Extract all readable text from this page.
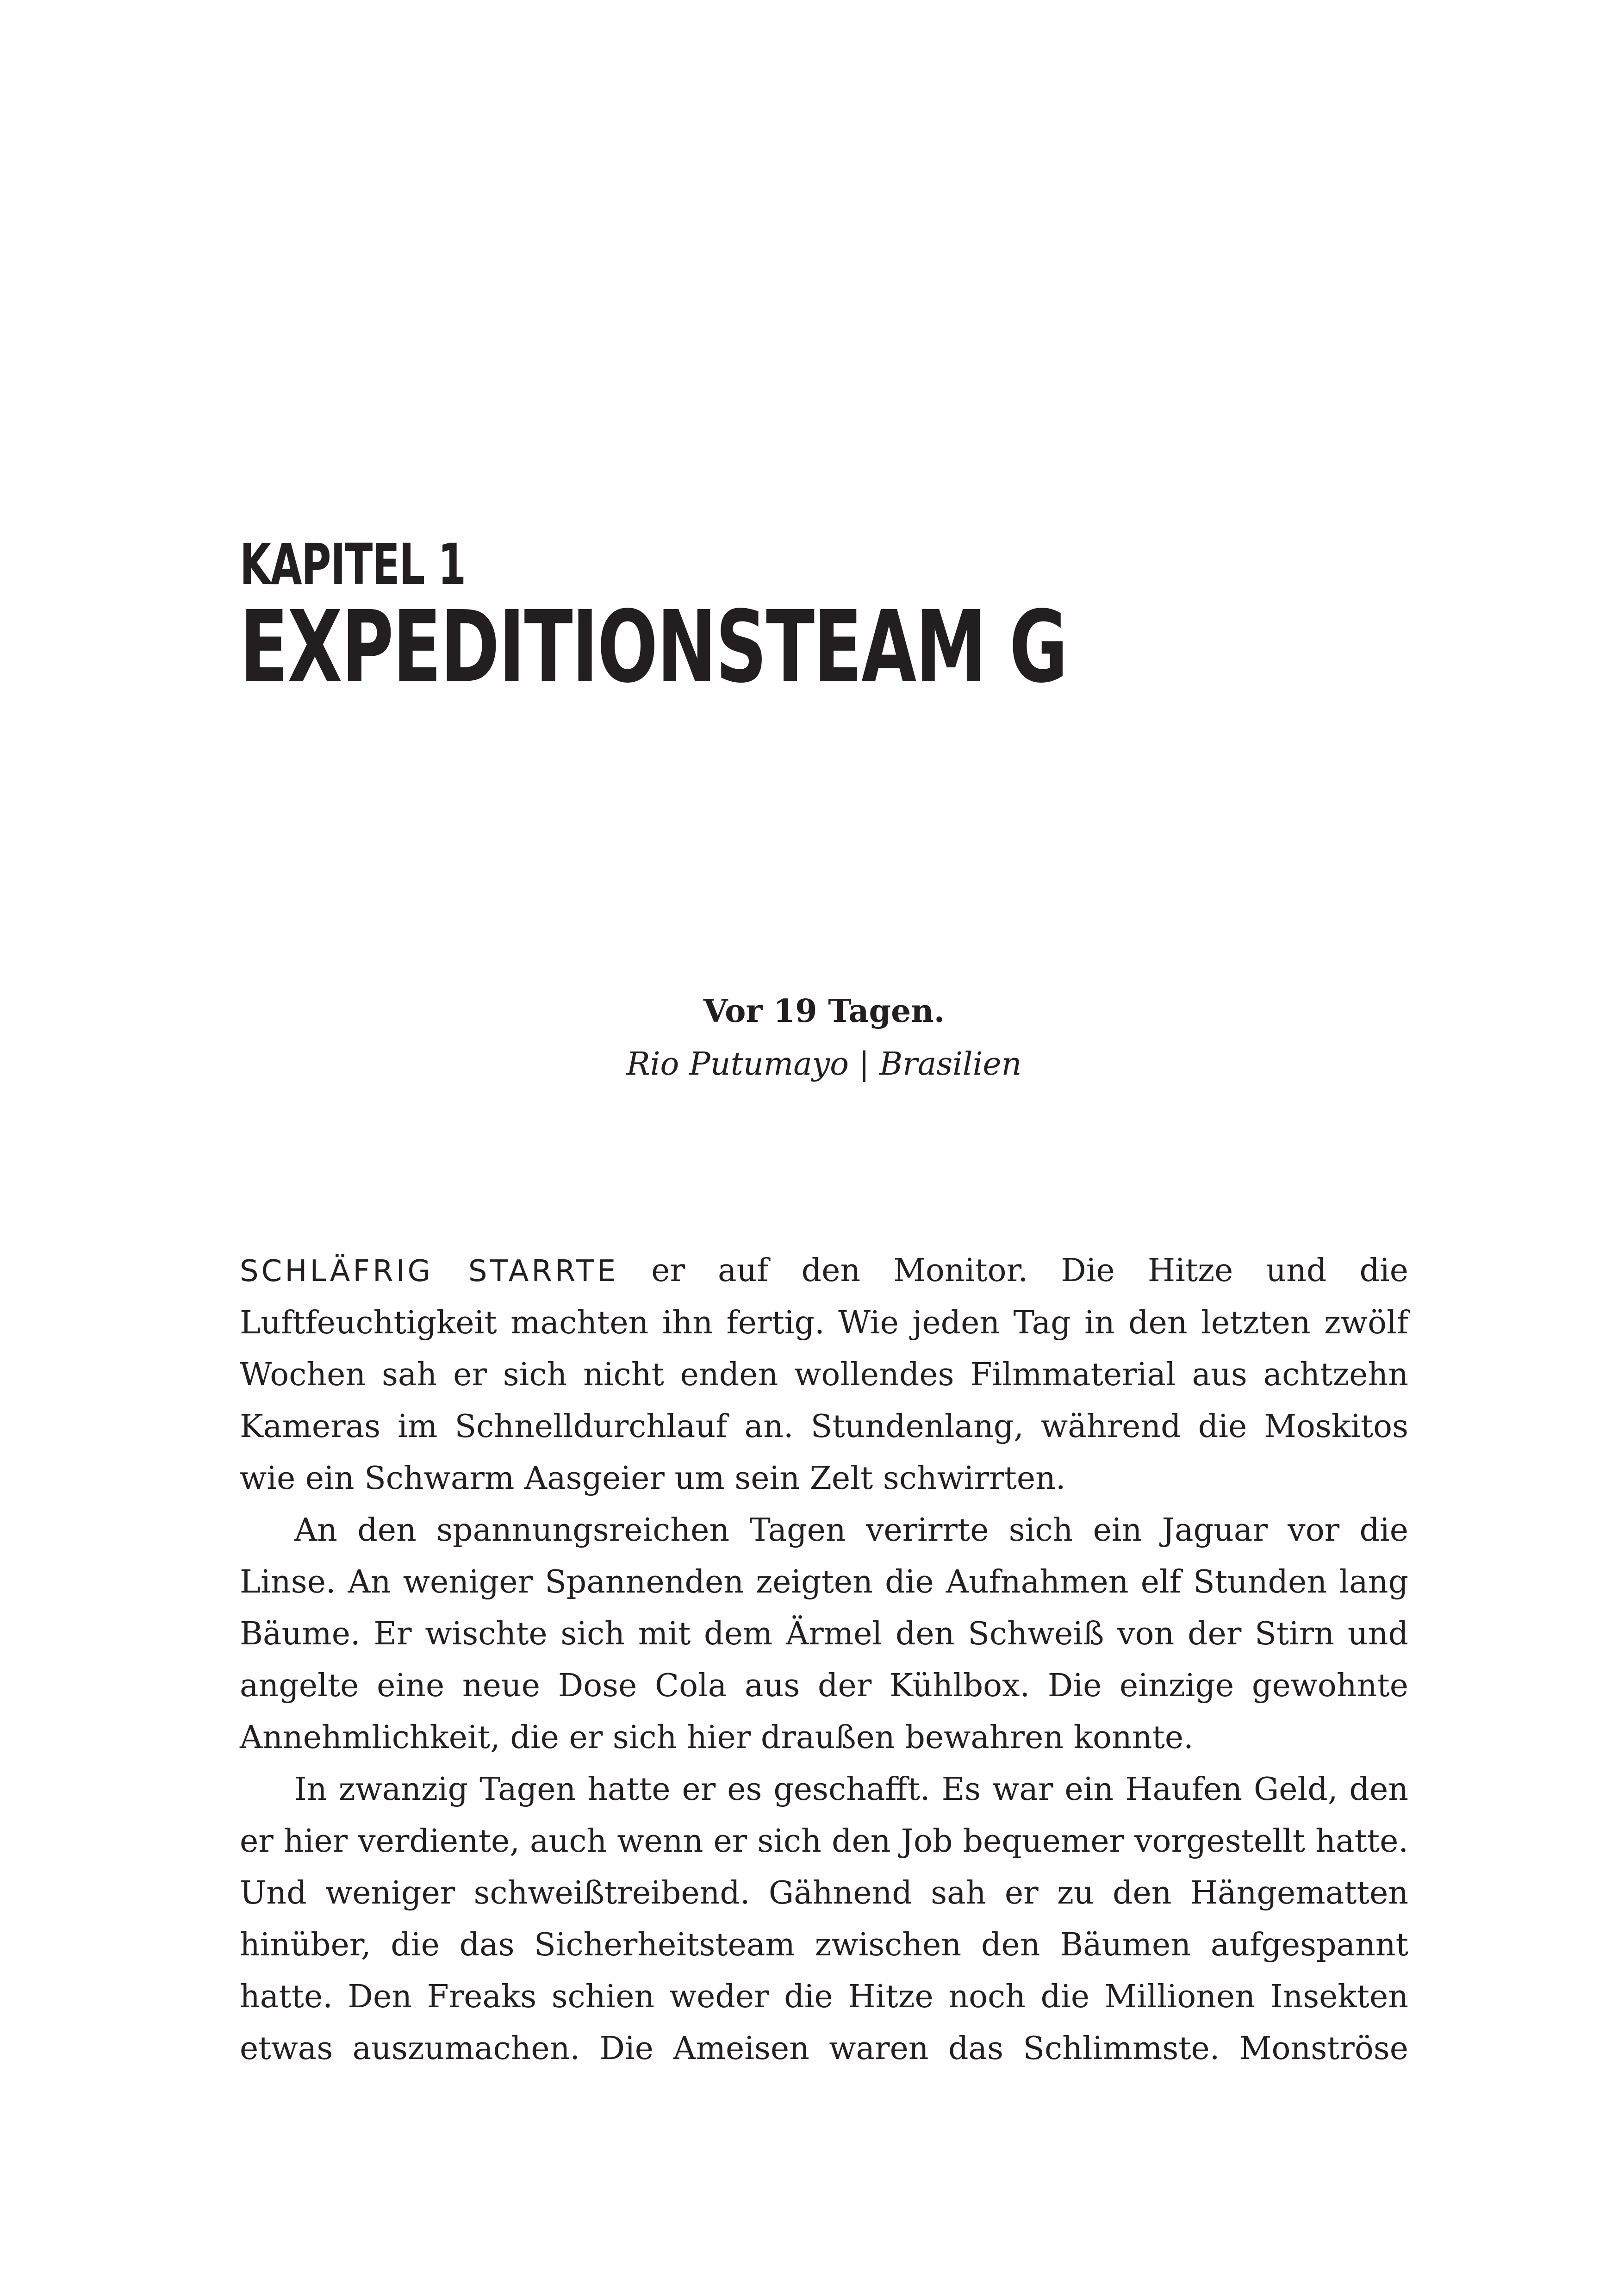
KAPITEL 1
EXPEDITIONSTEAM G
Vor 19 Tagen.
Rio Putumayo | Brasilien

SCHLÄFRIG STARRTE er auf den Monitor. Die Hitze und die Luftfeuchtigkeit machten ihn fertig. Wie jeden Tag in den letzten zwölf Wochen sah er sich nicht enden wollendes Filmmaterial aus achtzehn Kameras im Schnelldurchlauf an. Stundenlang, während die Moskitos wie ein Schwarm Aasgeier um sein Zelt schwirrten.

An den spannungsreichen Tagen verirrte sich ein Jaguar vor die Linse. An weniger Spannenden zeigten die Aufnahmen elf Stunden lang Bäume. Er wischte sich mit dem Ärmel den Schweiß von der Stirn und angelte eine neue Dose Cola aus der Kühlbox. Die einzige gewohnte Annehmlichkeit, die er sich hier draußen bewahren konnte.

In zwanzig Tagen hatte er es geschafft. Es war ein Haufen Geld, den er hier verdiente, auch wenn er sich den Job bequemer vorgestellt hatte. Und weniger schweißtreibend. Gähnend sah er zu den Hängematten hinüber, die das Sicherheitsteam zwischen den Bäumen aufgespannt hatte. Den Freaks schien weder die Hitze noch die Millionen Insekten etwas auszumachen. Die Ameisen waren das Schlimmste. Monströse
